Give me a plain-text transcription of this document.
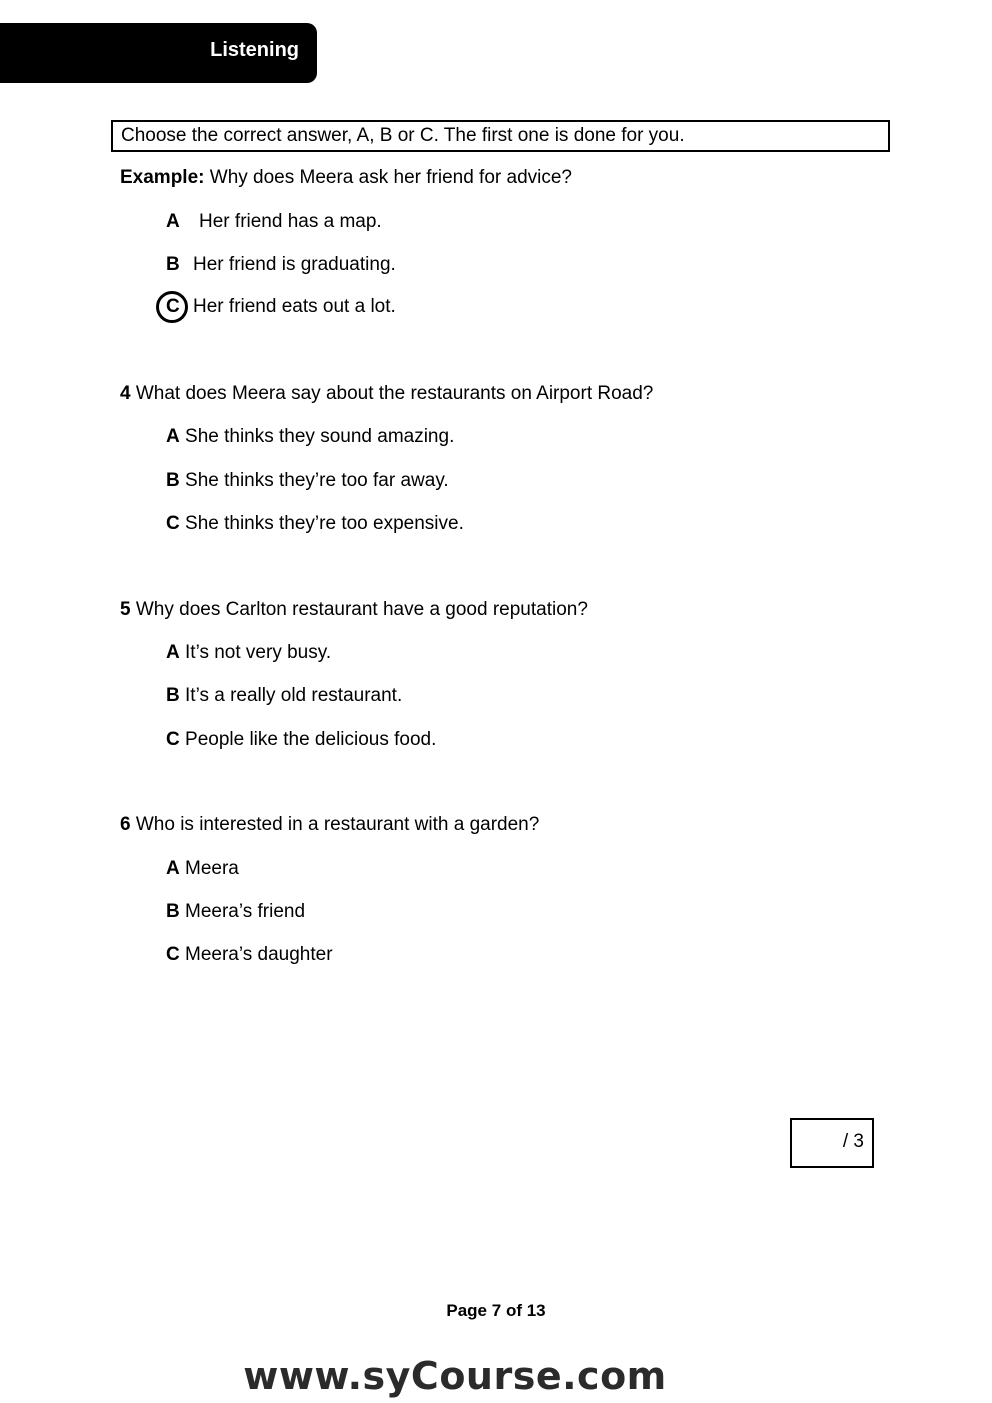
Listening
Choose the correct answer, A, B or C. The first one is done for you.
Example: Why does Meera ask her friend for advice?
A Her friend has a map.
B Her friend is graduating.
C Her friend eats out a lot.
4 What does Meera say about the restaurants on Airport Road?
A She thinks they sound amazing.
B She thinks they’re too far away.
C She thinks they’re too expensive.
5 Why does Carlton restaurant have a good reputation?
A It’s not very busy.
B It’s a really old restaurant.
C People like the delicious food.
6 Who is interested in a restaurant with a garden?
A Meera
B Meera’s friend
C Meera’s daughter
/ 3
Page 7 of 13
www.syCourse.com
